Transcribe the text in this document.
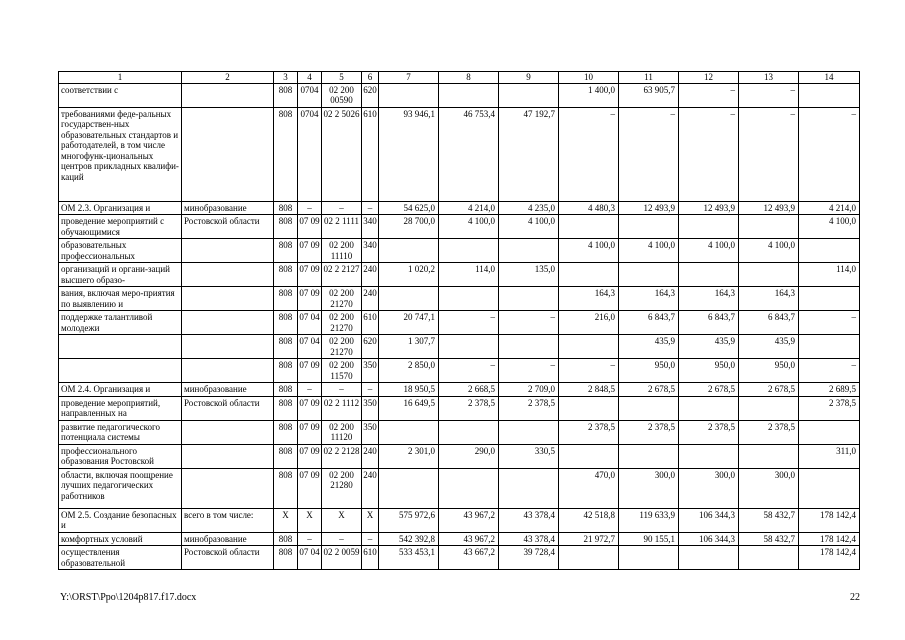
1	2	3	4	5	6	7	8	9	10	11	12	13	14
соответствии с		808	0704	02 200 00590	620				1 400,0	63 905,7	–	–	
требованиями феде-ральных государствен-ных образовательных стандартов и работодателей, в том числе многофунк-циональных центров прикладных квалифи-каций		808	0704	02 2 5026	610	93 946,1	46 753,4	47 192,7	–	–	–	–	–
ОМ 2.3. Организация и	минобразование	808	–	–	–	54 625,0	4 214,0	4 235,0	4 480,3	12 493,9	12 493,9	12 493,9	4 214,0
проведение мероприятий с обучающимися	Ростовской области	808	07 09	02 2 1111	340	28 700,0	4 100,0	4 100,0					4 100,0
образовательных профессиональных		808	07 09	02 200 11110	340				4 100,0	4 100,0	4 100,0	4 100,0	
организаций и органи-заций высшего образо-		808	07 09	02 2 2127	240	1 020,2	114,0	135,0					114,0
вания, включая меро-приятия по выявлению и		808	07 09	02 200 21270	240				164,3	164,3	164,3	164,3	
поддержке талантливой молодежи		808	07 04	02 200 21270	610	20 747,1	–	–	216,0	6 843,7	6 843,7	6 843,7	–
		808	07 04	02 200 21270	620	1 307,7				435,9	435,9	435,9	
		808	07 09	02 200 11570	350	2 850,0	–	–	–	950,0	950,0	950,0	–
ОМ 2.4. Организация и	минобразование	808	–	–	–	18 950,5	2 668,5	2 709,0	2 848,5	2 678,5	2 678,5	2 678,5	2 689,5
проведение мероприятий, направленных на	Ростовской области	808	07 09	02 2 1112	350	16 649,5	2 378,5	2 378,5					2 378,5
развитие педагогического потенциала системы		808	07 09	02 200 11120	350				2 378,5	2 378,5	2 378,5	2 378,5	
профессионального образования Ростовской		808	07 09	02 2 2128	240	2 301,0	290,0	330,5					311,0
области, включая поощрение лучших педагогических работников		808	07 09	02 200 21280	240				470,0	300,0	300,0	300,0	
ОМ 2.5. Создание безопасных и	всего в том числе:	X	X	X	X	575 972,6	43 967,2	43 378,4	42 518,8	119 633,9	106 344,3	58 432,7	178 142,4
комфортных условий	минобразование	808	–	–	–	542 392,8	43 967,2	43 378,4	21 972,7	90 155,1	106 344,3	58 432,7	178 142,4
осуществления образовательной	Ростовской области	808	07 04	02 2 0059	610	533 453,1	43 667,2	39 728,4					178 142,4
Y:\ORST\Ppo\1204p817.f17.docx	22
